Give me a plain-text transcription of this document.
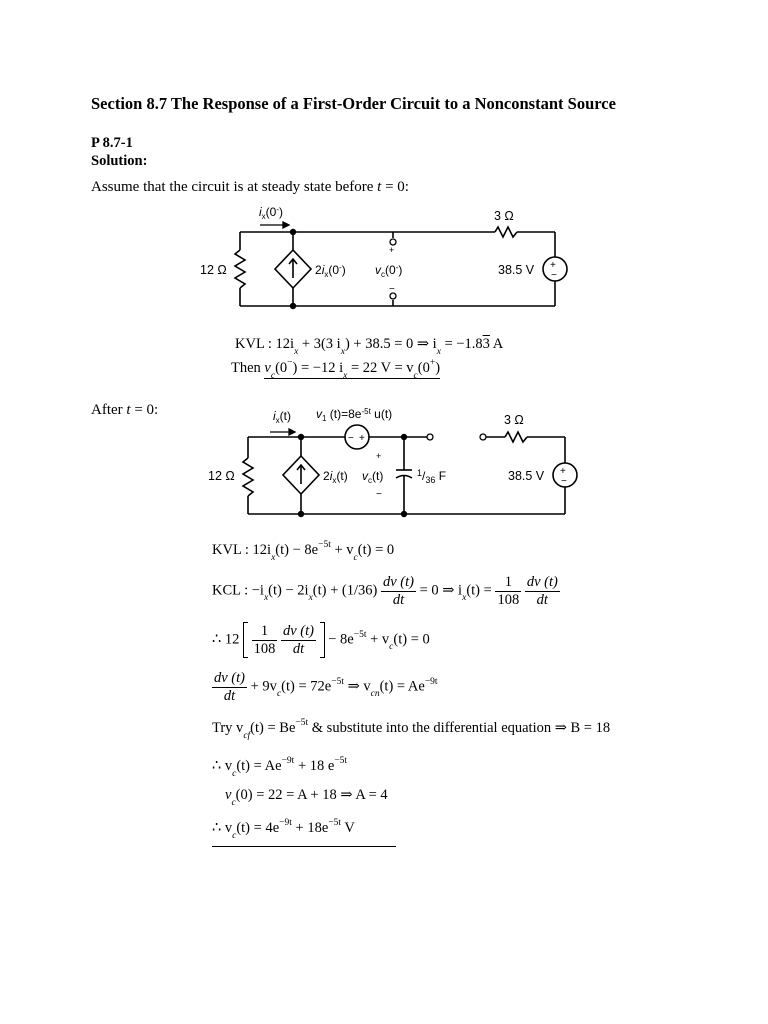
Section 8.7 The Response of a First-Order Circuit to a Nonconstant Source
P 8.7-1
Solution:
Assume that the circuit is at steady state before t = 0:
$i_x(0^-)$
12 Ω	$2i_x(0^-)$
+
−
$v_c(0^-)$
3 Ω
38.5 V +
−
KVL : $12i_x + 3(3$ $i_x) + 38.5 = 0$ ⇒ $i_x = -1.83$ A
Then $v_c(0^-) = -12$ $i_x = 22$ $V = v_c(0^+)$
After t = 0:	$i_x(t)$ $v_1$ $(t)=8e^{-5t}$ u(t)
− +
12 Ω	$2i_x(t)$
+
−
$v_c(t)$	$^1/_{36}$ F
3 Ω
38.5 V +
−
KVL : $12i_x(t) - 8e^{-5t} + v_c(t) = 0$
KCL : $-i_x(t) - 2i_x(t) + (1/36) \frac{dv (t)}{dt} = 0$ ⇒ $i_x(t) = \frac{1}{108}$
$\frac{dv (t)}{dt}$
∴ $12 \frac{1}{108}$
$\frac{dv (t)}{dt} - 8e^{-5t} + v_c(t) = 0$
$\frac{dv (t)}{dt} + 9v_c(t) = 72e^{-5t}$ ⇒ $v_{cn}(t) = Ae^{-9t}$
Try $v_{cf}(t) = Be^{-5t}$ & substitute into the differential equation ⇒ B = 18
∴ $v_c(t) = Ae^{-9t} + 18$ $e^{-5t}$
$v_c(0) = 22 = A + 18$ ⇒ A = 4
∴ $v_c(t) = 4e^{-9t} + 18e^{-5t}$ V
